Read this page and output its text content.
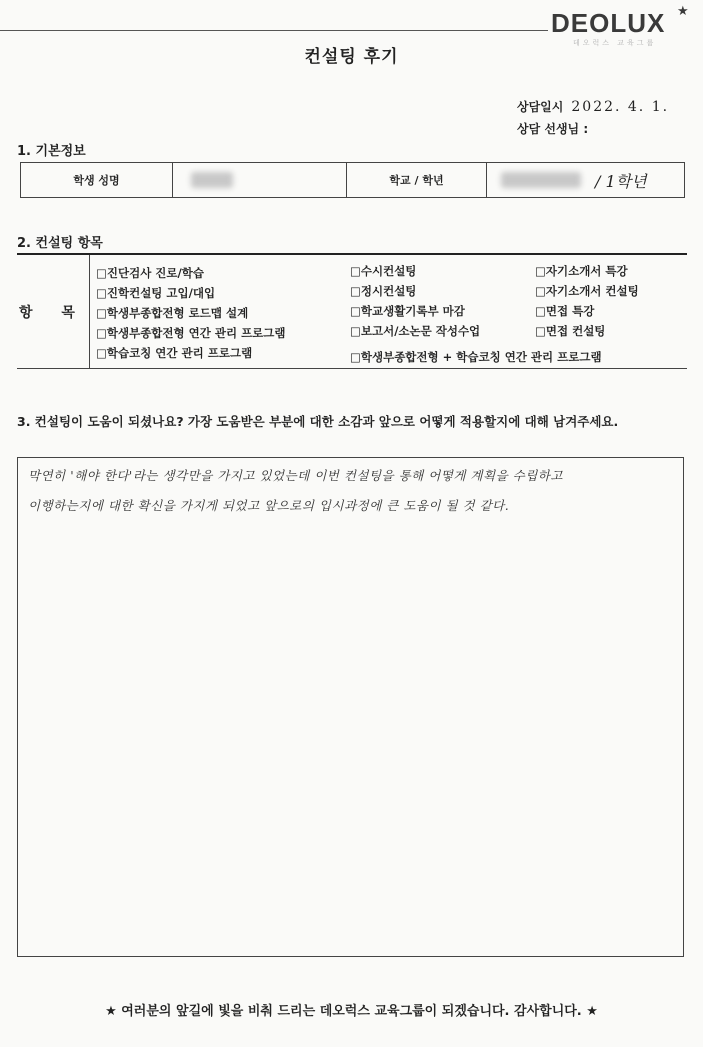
DEOLUX ★
데오럭스 교육그룹
컨설팅 후기
상담일시 2022. 4. 1.
상담 선생님 :
1. 기본정보
학생 성명	학교 / 학년	/ 1학년
2. 컨설팅 항목
항 목
□진단검사 진로/학습
□진학컨설팅 고입/대입
□학생부종합전형 로드맵 설계
□학생부종합전형 연간 관리 프로그램
□학습코칭 연간 관리 프로그램
□수시컨설팅
□정시컨설팅
□학교생활기록부 마감
□보고서/소논문 작성수업
□학생부종합전형 + 학습코칭 연간 관리 프로그램
□자기소개서 특강
□자기소개서 컨설팅
□면접 특강
□면접 컨설팅
3. 컨설팅이 도움이 되셨나요? 가장 도움받은 부분에 대한 소감과 앞으로 어떻게 적용할지에 대해 남겨주세요.
막연히 '해야 한다'라는 생각만을 가지고 있었는데 이번 컨설팅을 통해 어떻게 계획을 수립하고
이행하는지에 대한 확신을 가지게 되었고 앞으로의 입시과정에 큰 도움이 될 것 같다.
★ 여러분의 앞길에 빛을 비춰 드리는 데오럭스 교육그룹이 되겠습니다. 감사합니다. ★
